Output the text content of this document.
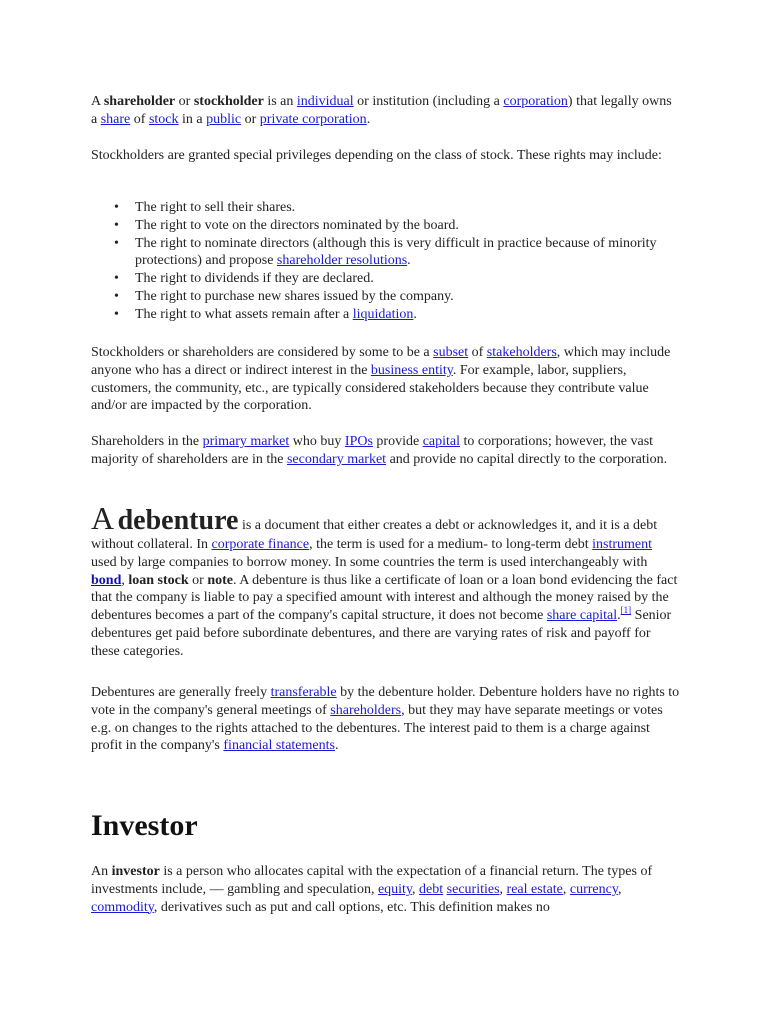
A shareholder or stockholder is an individual or institution (including a corporation) that legally owns a share of stock in a public or private corporation.

Stockholders are granted special privileges depending on the class of stock. These rights may include:

• The right to sell their shares.
• The right to vote on the directors nominated by the board.
• The right to nominate directors (although this is very difficult in practice because of minority protections) and propose shareholder resolutions.
• The right to dividends if they are declared.
• The right to purchase new shares issued by the company.
• The right to what assets remain after a liquidation.

Stockholders or shareholders are considered by some to be a subset of stakeholders, which may include anyone who has a direct or indirect interest in the business entity. For example, labor, suppliers, customers, the community, etc., are typically considered stakeholders because they contribute value and/or are impacted by the corporation.

Shareholders in the primary market who buy IPOs provide capital to corporations; however, the vast majority of shareholders are in the secondary market and provide no capital directly to the corporation.

A debenture is a document that either creates a debt or acknowledges it, and it is a debt without collateral. In corporate finance, the term is used for a medium- to long-term debt instrument used by large companies to borrow money. In some countries the term is used interchangeably with bond, loan stock or note. A debenture is thus like a certificate of loan or a loan bond evidencing the fact that the company is liable to pay a specified amount with interest and although the money raised by the debentures becomes a part of the company's capital structure, it does not become share capital.[1] Senior debentures get paid before subordinate debentures, and there are varying rates of risk and payoff for these categories.

Debentures are generally freely transferable by the debenture holder. Debenture holders have no rights to vote in the company's general meetings of shareholders, but they may have separate meetings or votes e.g. on changes to the rights attached to the debentures. The interest paid to them is a charge against profit in the company's financial statements.

Investor

An investor is a person who allocates capital with the expectation of a financial return. The types of investments include, — gambling and speculation, equity, debt securities, real estate, currency, commodity, derivatives such as put and call options, etc. This definition makes no
